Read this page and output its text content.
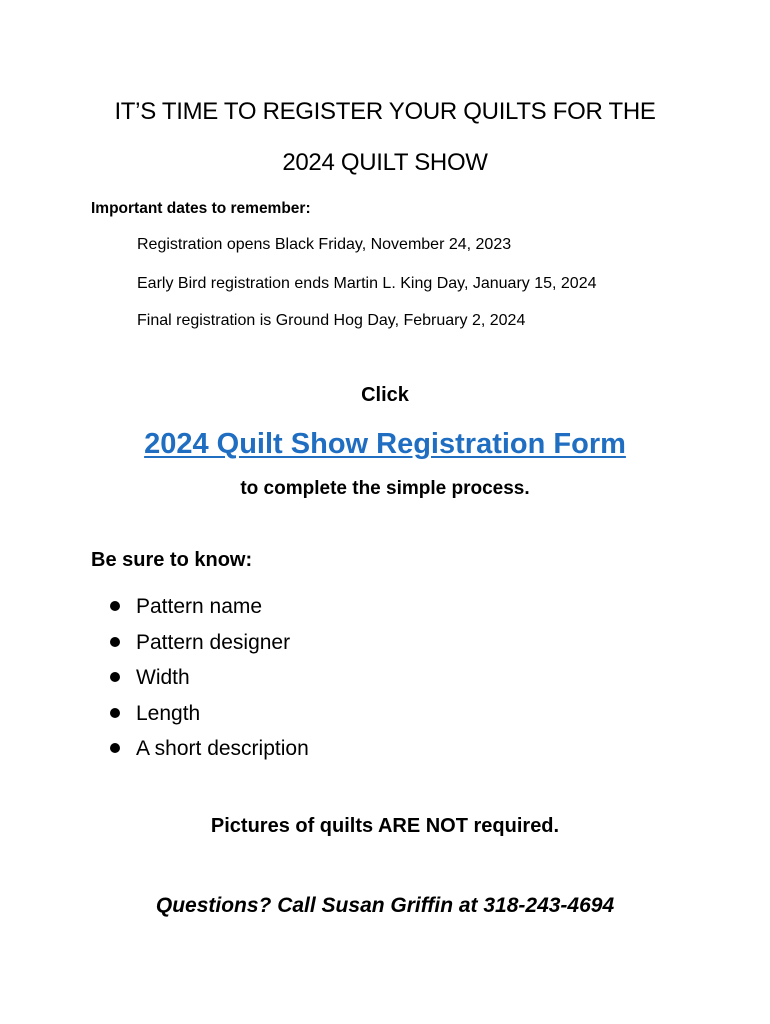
IT’S TIME TO REGISTER YOUR QUILTS FOR THE
2024 QUILT SHOW
Important dates to remember:
Registration opens Black Friday, November 24, 2023
Early Bird registration ends Martin L. King Day, January 15, 2024
Final registration is Ground Hog Day, February 2, 2024
Click
2024 Quilt Show Registration Form
to complete the simple process.
Be sure to know:
Pattern name
Pattern designer
Width
Length
A short description
Pictures of quilts ARE NOT required.
Questions? Call Susan Griffin at 318-243-4694
